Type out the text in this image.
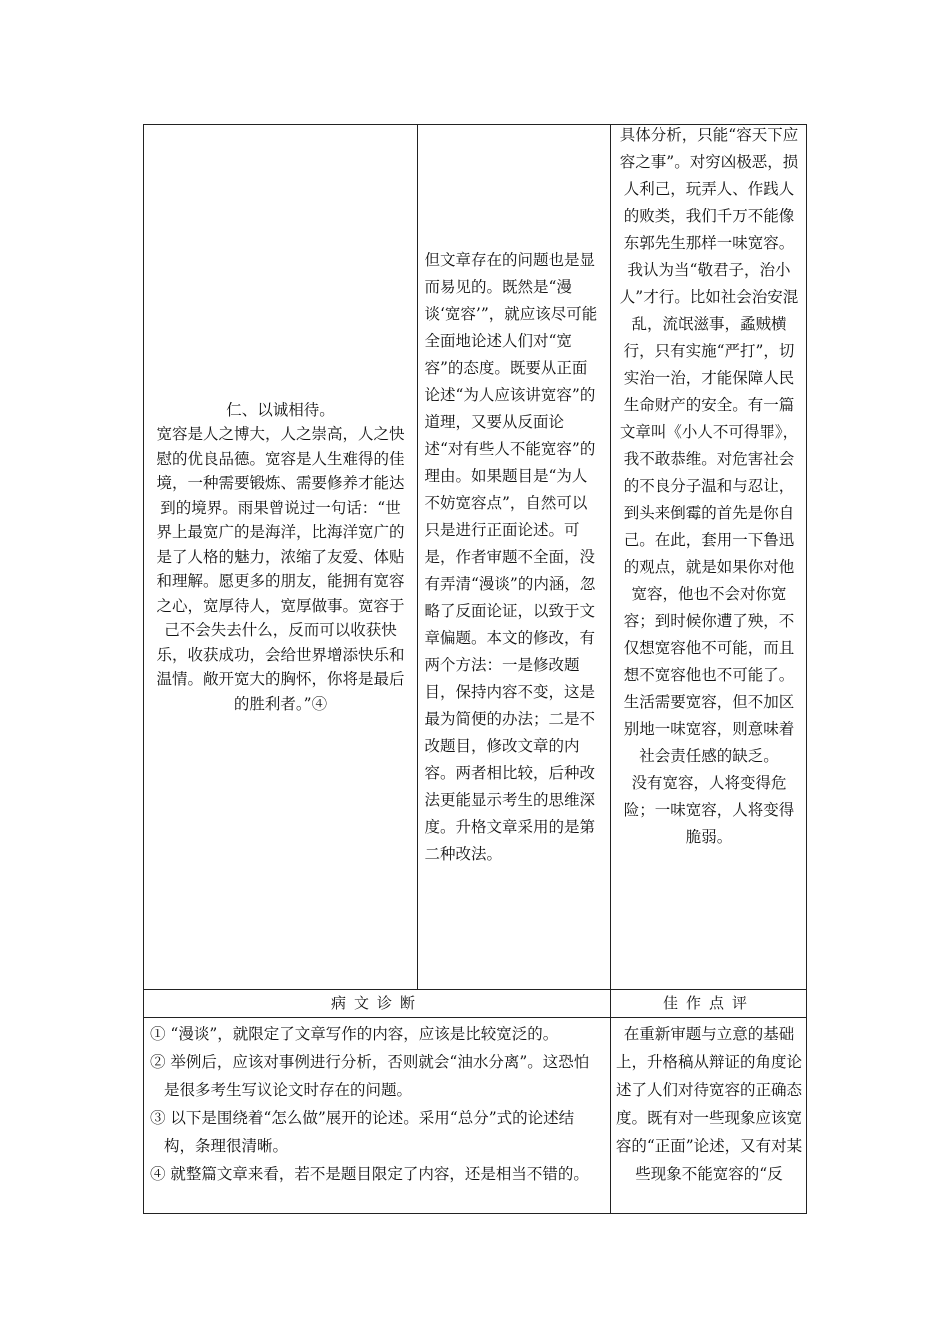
仁、以诚相待。

宽容是人之博大，人之崇高，人之快慰的优良品德。宽容是人生难得的佳境，一种需要锻炼、需要修养才能达到的境界。雨果曾说过一句话：“世界上最宽广的是海洋，比海洋宽广的是了人格的魅力，浓缩了友爱、体贴和理解。愿更多的朋友，能拥有宽容之心，宽厚待人，宽厚做事。宽容于己不会失去什么，反而可以收获快乐，收获成功，会给世界增添快乐和温情。敞开宽大的胸怀，你将是最后的胜利者。”④

但文章存在的问题也是显而易见的。既然是“漫谈‘宽容’”，就应该尽可能全面地论述人们对“宽容”的态度。既要从正面论述“为人应该讲宽容”的道理，又要从反面论述“对有些人不能宽容”的理由。如果题目是“为人不妨宽容点”，自然可以只是进行正面论述。可是，作者审题不全面，没有弄清“漫谈”的内涵，忽略了反面论证，以致于文章偏题。本文的修改，有两个方法：一是修改题目，保持内容不变，这是最为简便的办法；二是不改题目，修改文章的内容。两者相比较，后种改法更能显示考生的思维深度。升格文章采用的是第二种改法。

具体分析，只能“容天下应容之事”。对穷凶极恶，损人利己，玩弄人、作践人的败类，我们千万不能像东郭先生那样一味宽容。我认为当“敬君子，治小人”才行。比如社会治安混乱，流氓滋事，蟊贼横行，只有实施“严打”，切实治一治，才能保障人民生命财产的安全。有一篇文章叫《小人不可得罪》，我不敢恭维。对危害社会的不良分子温和与忍让，到头来倒霉的首先是你自己。在此，套用一下鲁迅的观点，就是如果你对他宽容，他也不会对你宽容；到时候你遭了殃，不仅想宽容他不可能，而且想不宽容他也不可能了。

生活需要宽容，但不加区别地一味宽容，则意味着社会责任感的缺乏。

没有宽容，人将变得危险；一味宽容，人将变得脆弱。

病文诊断	佳作点评

① “漫谈”，就限定了文章写作的内容，应该是比较宽泛的。

② 举例后，应该对事例进行分析，否则就会“油水分离”。这恐怕是很多考生写议论文时存在的问题。

③ 以下是围绕着“怎么做”展开的论述。采用“总分”式的论述结构，条理很清晰。

④ 就整篇文章来看，若不是题目限定了内容，还是相当不错的。

在重新审题与立意的基础上，升格稿从辩证的角度论述了人们对待宽容的正确态度。既有对一些现象应该宽容的“正面”论述，又有对某些现象不能宽容的“反
